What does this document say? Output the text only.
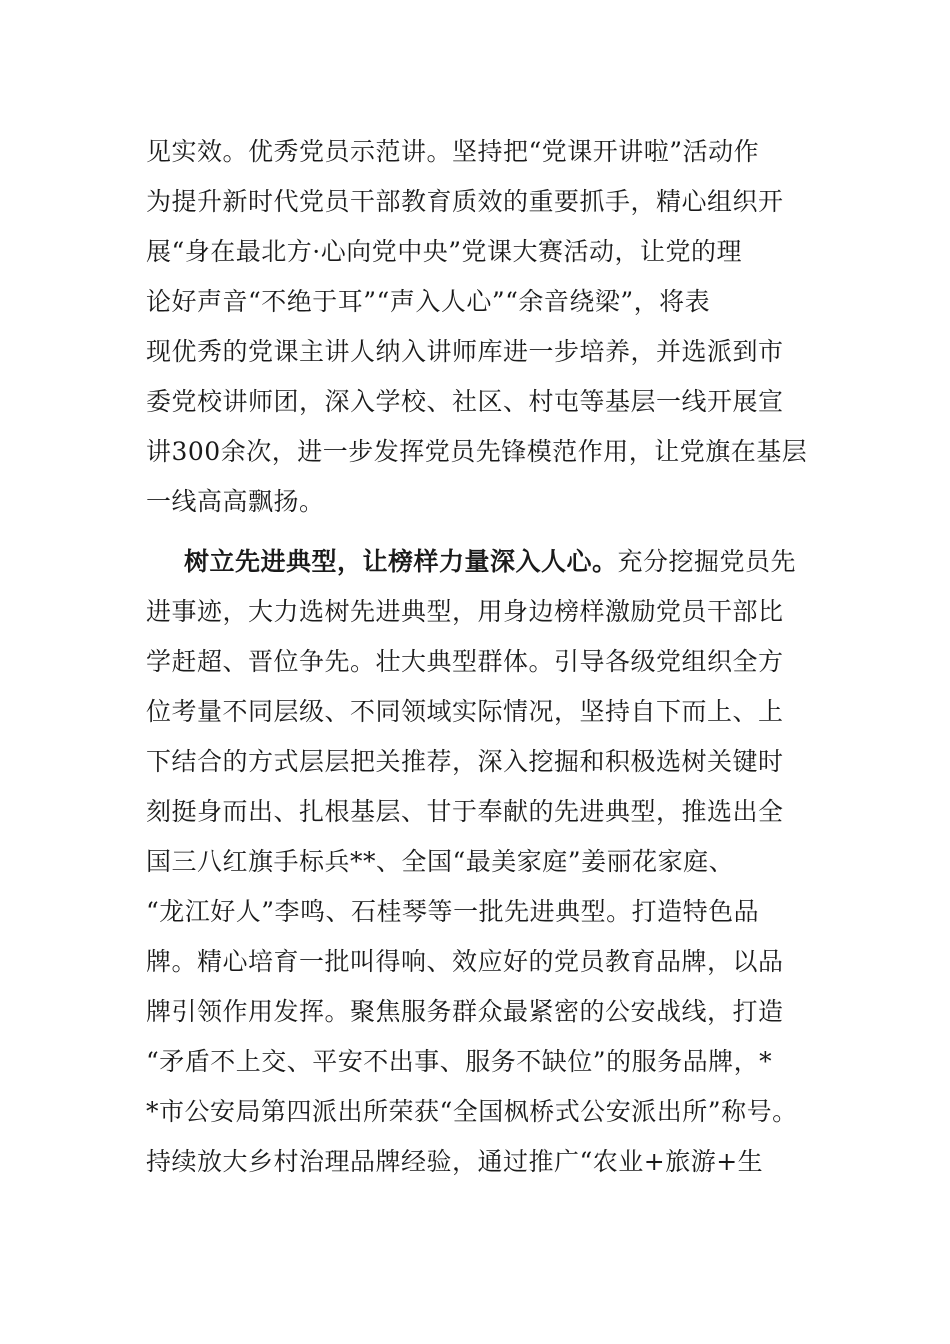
见实效。优秀党员示范讲。坚持把“党课开讲啦”活动作
为提升新时代党员干部教育质效的重要抓手，精心组织开
展“身在最北方·心向党中央”党课大赛活动，让党的理
论好声音“不绝于耳”“声入人心”“余音绕梁”，将表
现优秀的党课主讲人纳入讲师库进一步培养，并选派到市
委党校讲师团，深入学校、社区、村屯等基层一线开展宣
讲300余次，进一步发挥党员先锋模范作用，让党旗在基层
一线高高飘扬。
树立先进典型，让榜样力量深入人心。充分挖掘党员先
进事迹，大力选树先进典型，用身边榜样激励党员干部比
学赶超、晋位争先。壮大典型群体。引导各级党组织全方
位考量不同层级、不同领域实际情况，坚持自下而上、上
下结合的方式层层把关推荐，深入挖掘和积极选树关键时
刻挺身而出、扎根基层、甘于奉献的先进典型，推选出全
国三八红旗手标兵**、全国“最美家庭”姜丽花家庭、
“龙江好人”李鸣、石桂琴等一批先进典型。打造特色品
牌。精心培育一批叫得响、效应好的党员教育品牌，以品
牌引领作用发挥。聚焦服务群众最紧密的公安战线，打造
“矛盾不上交、平安不出事、服务不缺位”的服务品牌，*
*市公安局第四派出所荣获“全国枫桥式公安派出所”称号。
持续放大乡村治理品牌经验，通过推广“农业+旅游+生
